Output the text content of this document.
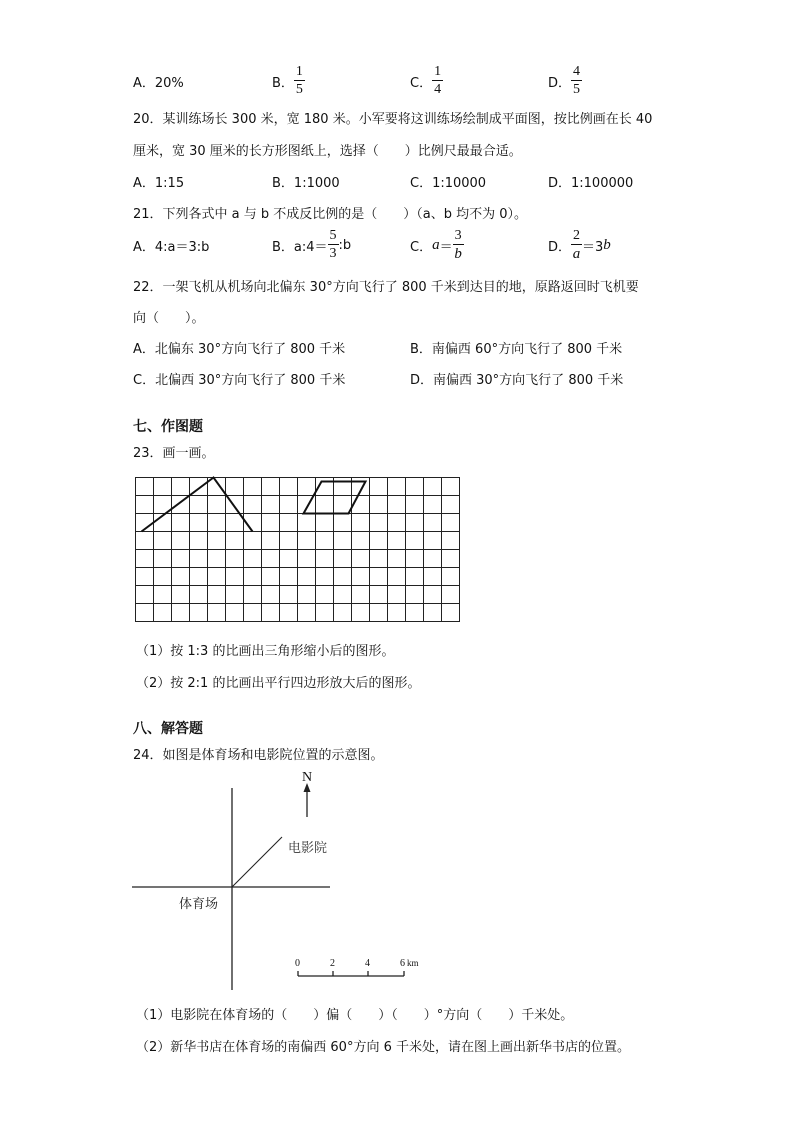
A．20%	B． $\frac{1}{5}$	C． $\frac{1}{4}$	D． $\frac{4}{5}$
20．某训练场长 300 米，宽 180 米。小军要将这训练场绘制成平面图，按比例画在长 40
厘米，宽 30 厘米的长方形图纸上，选择（　　）比例尺最最合适。
A．1:15	B．1:1000	C．1:10000	D．1:100000
21．下列各式中 a 与 b 不成反比例的是（　　）（a、b 均不为 0）。
A．4:a＝3:b	B．a:4＝ $\frac{5}{3}$ :b	C． $a = \frac{3}{b}$	D． $\frac{2}{a} =3$ b
22．一架飞机从机场向北偏东 30°方向飞行了 800 千米到达目的地，原路返回时飞机要
向（　　）。
A．北偏东 30°方向飞行了 800 千米	B．南偏西 60°方向飞行了 800 千米
C．北偏西 30°方向飞行了 800 千米	D．南偏西 30°方向飞行了 800 千米
七、作图题
23．画一画。
（1）按 1:3 的比画出三角形缩小后的图形。
（2）按 2:1 的比画出平行四边形放大后的图形。
八、解答题
24．如图是体育场和电影院位置的示意图。
N
电影院
体育场
0	2	4	6 km
（1）电影院在体育场的（　　）偏（　　）（　　）°方向（　　）千米处。
（2）新华书店在体育场的南偏西 60°方向 6 千米处，请在图上画出新华书店的位置。
